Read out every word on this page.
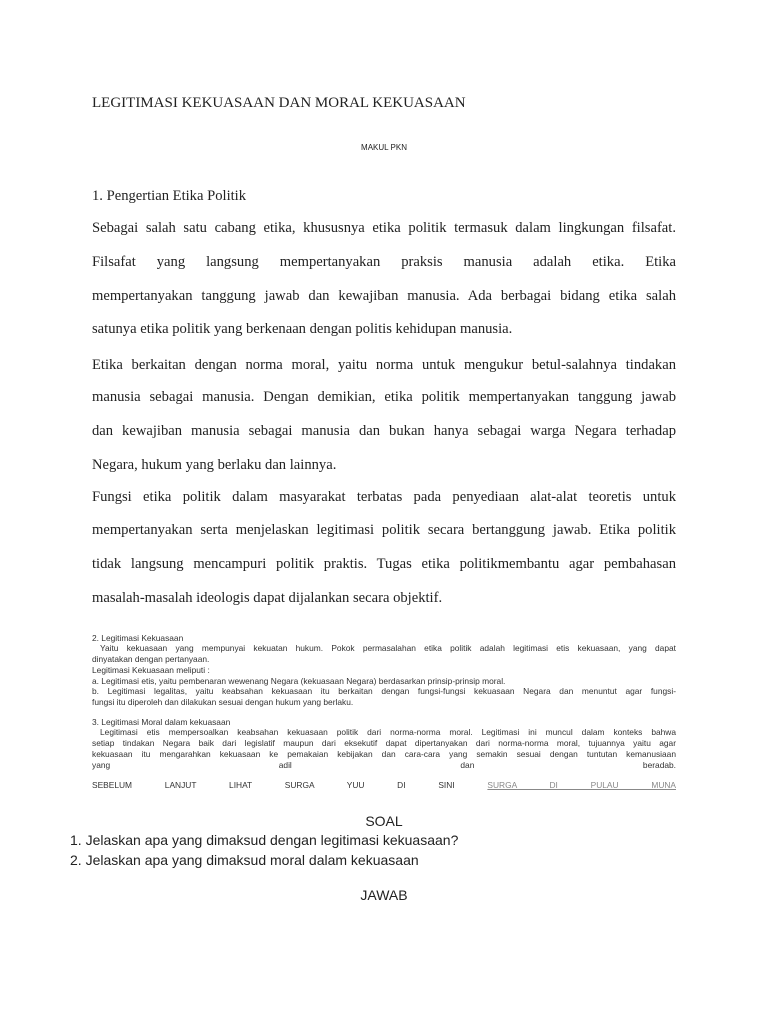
LEGITIMASI KEKUASAAN DAN MORAL KEKUASAAN
MAKUL PKN
1. Pengertian Etika Politik
Sebagai salah satu cabang etika, khususnya etika politik termasuk dalam lingkungan filsafat.
Filsafat yang langsung mempertanyakan praksis manusia adalah etika. Etika
mempertanyakan tanggung jawab dan kewajiban manusia. Ada berbagai bidang etika salah
satunya etika politik yang berkenaan dengan politis kehidupan manusia.
Etika berkaitan dengan norma moral, yaitu norma untuk mengukur betul-salahnya tindakan
manusia sebagai manusia. Dengan demikian, etika politik mempertanyakan tanggung jawab
dan kewajiban manusia sebagai manusia dan bukan hanya sebagai warga Negara terhadap
Negara, hukum yang berlaku dan lainnya.
Fungsi etika politik dalam masyarakat terbatas pada penyediaan alat-alat teoretis untuk
mempertanyakan serta menjelaskan legitimasi politik secara bertanggung jawab. Etika politik
tidak langsung mencampuri politik praktis. Tugas etika politikmembantu agar pembahasan
masalah-masalah ideologis dapat dijalankan secara objektif.
2. Legitimasi Kekuasaan
Yaitu kekuasaan yang mempunyai kekuatan hukum. Pokok permasalahan etika politik adalah legitimasi etis kekuasaan, yang dapat
dinyatakan dengan pertanyaan.
Legitimasi Kekuasaan meliputi :
a. Legitimasi etis, yaitu pembenaran wewenang Negara (kekuasaan Negara) berdasarkan prinsip-prinsip moral.
b. Legitimasi legalitas, yaitu keabsahan kekuasaan itu berkaitan dengan fungsi-fungsi kekuasaan Negara dan menuntut agar fungsi-
fungsi itu diperoleh dan dilakukan sesuai dengan hukum yang berlaku.
3. Legitimasi Moral dalam kekuasaan
Legitimasi etis mempersoalkan keabsahan kekuasaan politik dari norma-norma moral. Legitimasi ini muncul dalam konteks bahwa
setiap tindakan Negara baik dari legislatif maupun dari eksekutif dapat dipertanyakan dari norma-norma moral, tujuannya yaitu agar
kekuasaan itu mengarahkan kekuasaan ke pemakaian kebijakan dan cara-cara yang semakin sesuai dengan tuntutan kemanusiaan
yang adil dan beradab.
SEBELUM LANJUT LIHAT SURGA YUU DI SINI	SURGA DI PULAU MUNA
SOAL
1. Jelaskan apa yang dimaksud dengan legitimasi kekuasaan?
2. Jelaskan apa yang dimaksud moral dalam kekuasaan
JAWAB
